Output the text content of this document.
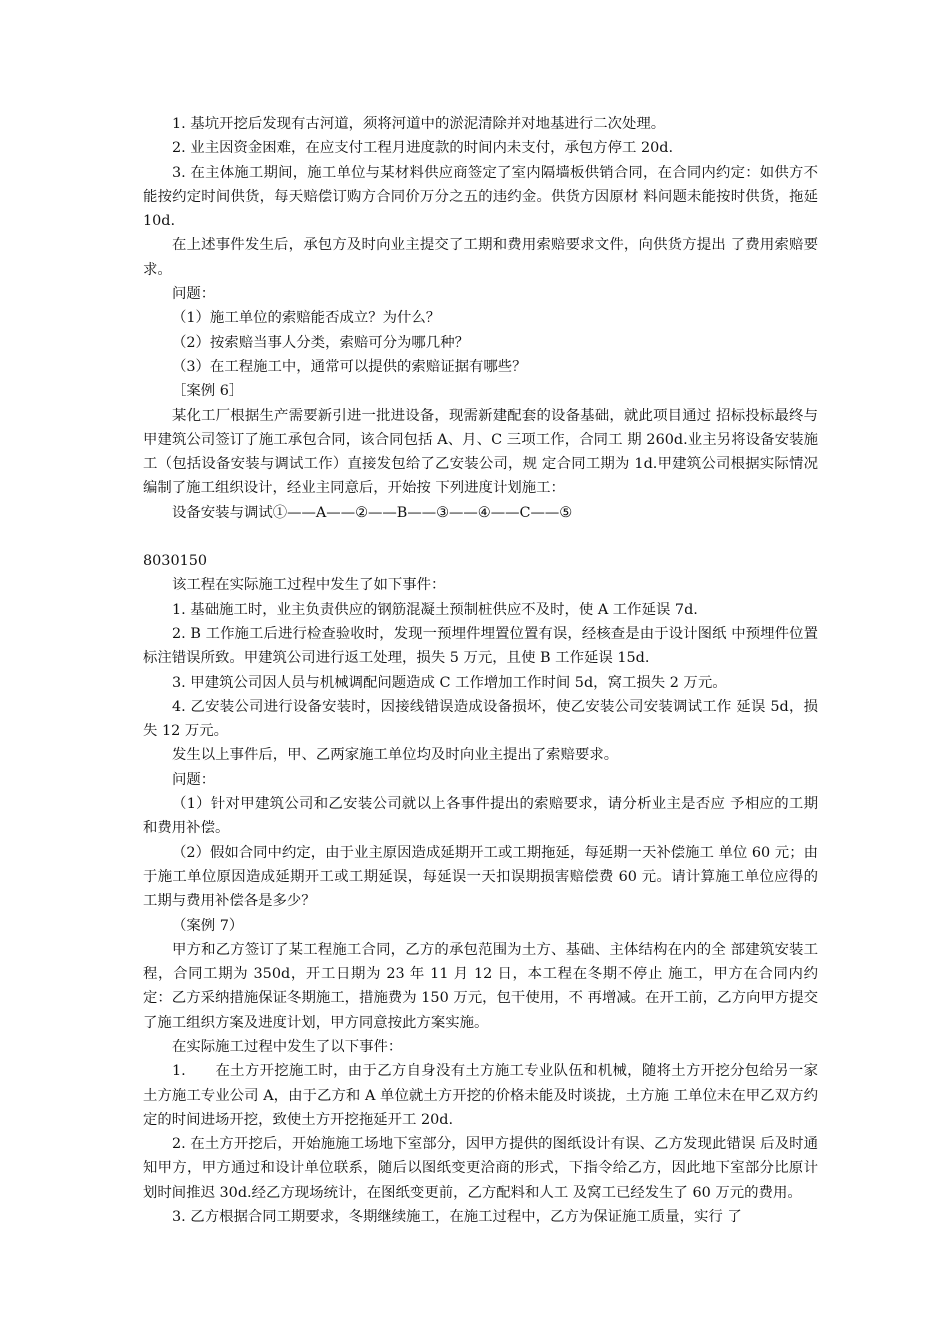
1. 基坑开挖后发现有古河道，须将河道中的淤泥清除并对地基进行二次处理。

2. 业主因资金困难，在应支付工程月进度款的时间内未支付，承包方停工 20d.

3. 在主体施工期间，施工单位与某材料供应商签定了室内隔墙板供销合同，在合同内约定：如供方不能按约定时间供货，每天赔偿订购方合同价万分之五的违约金。供货方因原材 料问题未能按时供货，拖延 10d.

在上述事件发生后，承包方及时向业主提交了工期和费用索赔要求文件，向供货方提出 了费用索赔要求。

问题：

（1）施工单位的索赔能否成立？为什么？

（2）按索赔当事人分类，索赔可分为哪几种？

（3）在工程施工中，通常可以提供的索赔证据有哪些？

［案例 6］

某化工厂根据生产需要新引进一批进设备，现需新建配套的设备基础，就此项目通过 招标投标最终与甲建筑公司签订了施工承包合同，该合同包括 A、月、C 三项工作，合同工 期 260d.业主另将设备安装施工（包括设备安装与调试工作）直接发包给了乙安装公司，规 定合同工期为 1d.甲建筑公司根据实际情况编制了施工组织设计，经业主同意后，开始按 下列进度计划施工：

设备安装与调试①——A——②——B——③——④——C——⑤

8030150

该工程在实际施工过程中发生了如下事件：

1. 基础施工时，业主负责供应的钢筋混凝土预制桩供应不及时，使 A 工作延误 7d.

2. B 工作施工后进行检查验收时，发现一预埋件埋置位置有误，经核查是由于设计图纸 中预埋件位置标注错误所致。甲建筑公司进行返工处理，损失 5 万元，且使 B 工作延误 15d.

3. 甲建筑公司因人员与机械调配问题造成 C 工作增加工作时间 5d，窝工损失 2 万元。

4. 乙安装公司进行设备安装时，因接线错误造成设备损坏，使乙安装公司安装调试工作 延误 5d，损失 12 万元。

发生以上事件后，甲、乙两家施工单位均及时向业主提出了索赔要求。

问题：

（1）针对甲建筑公司和乙安装公司就以上各事件提出的索赔要求，请分析业主是否应 予相应的工期和费用补偿。

（2）假如合同中约定，由于业主原因造成延期开工或工期拖延，每延期一天补偿施工 单位 60 元；由于施工单位原因造成延期开工或工期延误，每延误一天扣误期损害赔偿费 60 元。请计算施工单位应得的工期与费用补偿各是多少？

（案例 7）

甲方和乙方签订了某工程施工合同，乙方的承包范围为土方、基础、主体结构在内的全 部建筑安装工程，合同工期为 350d，开工日期为 23 年 11 月 12 日，本工程在冬期不停止 施工，甲方在合同内约定：乙方采纳措施保证冬期施工，措施费为 150 万元，包干使用，不 再增减。在开工前，乙方向甲方提交了施工组织方案及进度计划，甲方同意按此方案实施。

在实际施工过程中发生了以下事件：

1.　　在土方开挖施工时，由于乙方自身没有土方施工专业队伍和机械，随将土方开挖分包给另一家土方施工专业公司 A，由于乙方和 A 单位就土方开挖的价格未能及时谈拢，土方施 工单位未在甲乙双方约定的时间进场开挖，致使土方开挖拖延开工 20d.

2. 在土方开挖后，开始施施工场地下室部分，因甲方提供的图纸设计有误、乙方发现此错误 后及时通知甲方，甲方通过和设计单位联系，随后以图纸变更洽商的形式，下指令给乙方，因此地下室部分比原计划时间推迟 30d.经乙方现场统计，在图纸变更前，乙方配料和人工 及窝工已经发生了 60 万元的费用。

3. 乙方根据合同工期要求，冬期继续施工，在施工过程中，乙方为保证施工质量，实行 了
